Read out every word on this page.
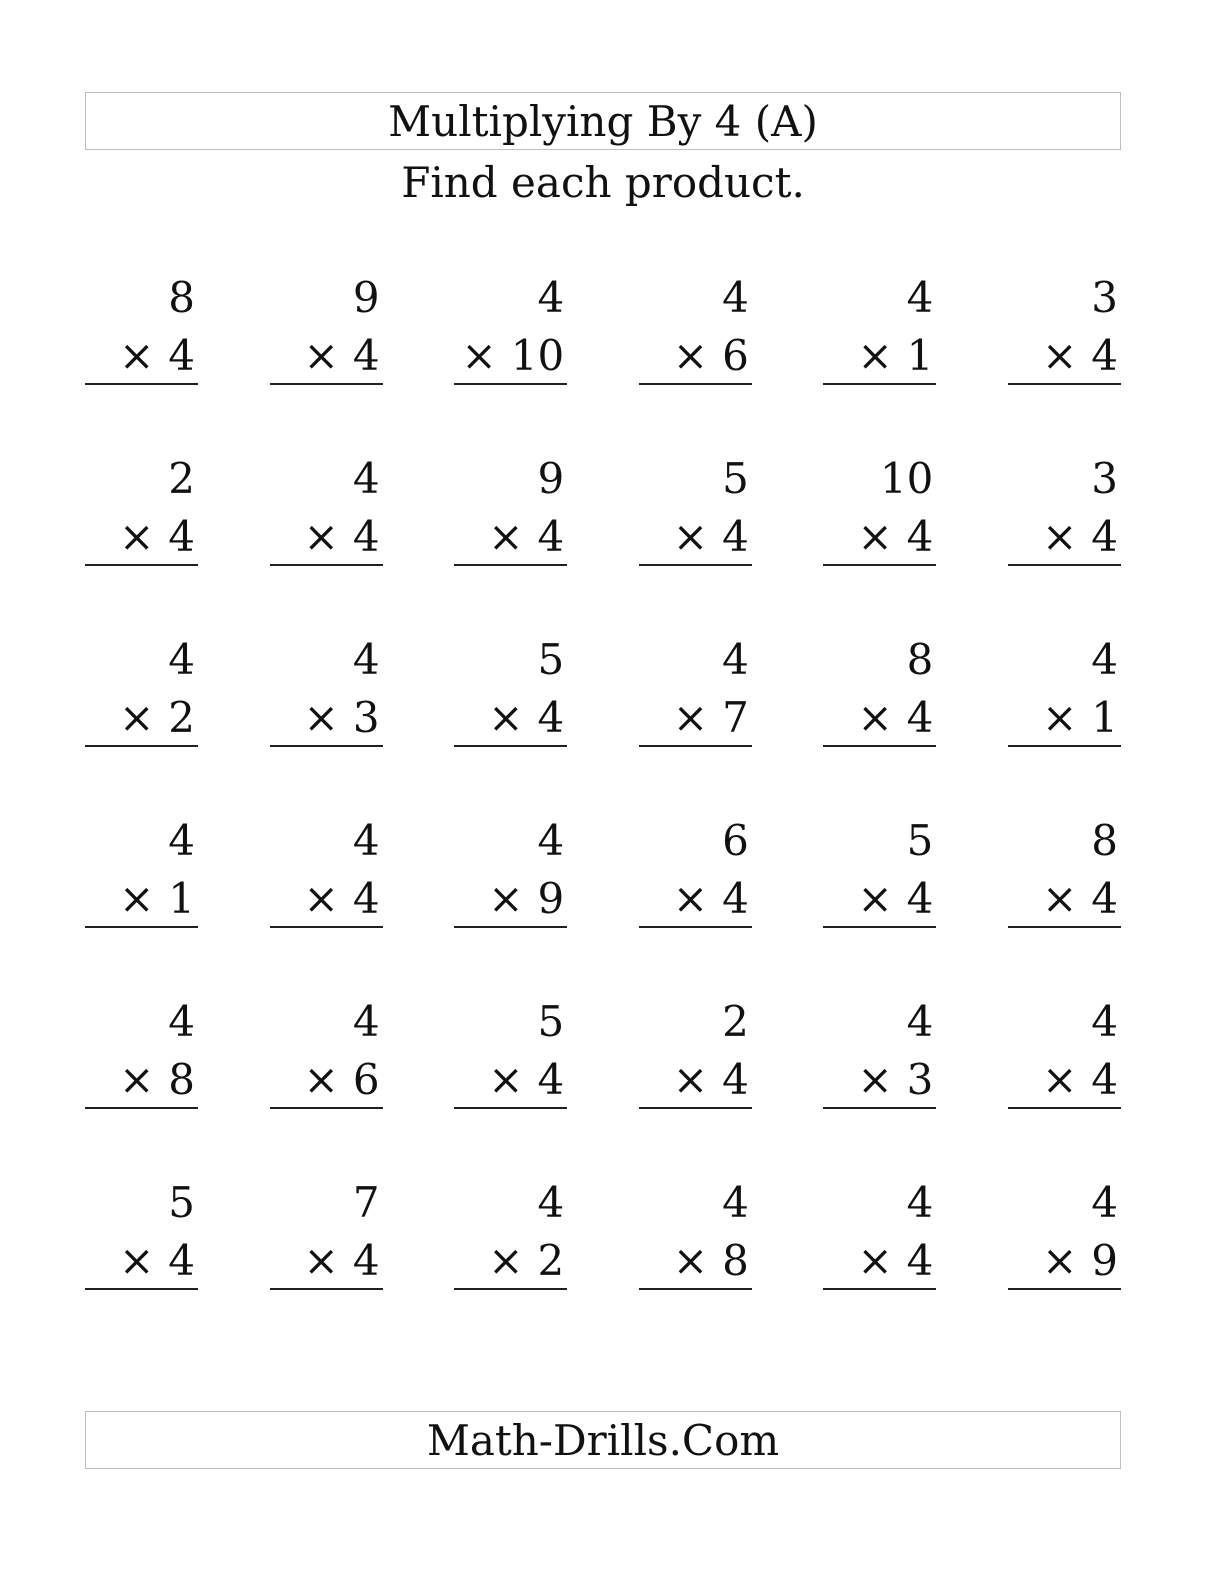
Multiplying By 4 (A)
Find each product.
8
× 4
9
× 4
4
× 10
4
× 6
4
× 1
3
× 4
2
× 4
4
× 4
9
× 4
5
× 4
10
× 4
3
× 4
4
× 2
4
× 3
5
× 4
4
× 7
8
× 4
4
× 1
4
× 1
4
× 4
4
× 9
6
× 4
5
× 4
8
× 4
4
× 8
4
× 6
5
× 4
2
× 4
4
× 3
4
× 4
5
× 4
7
× 4
4
× 2
4
× 8
4
× 4
4
× 9
Math-Drills.Com
